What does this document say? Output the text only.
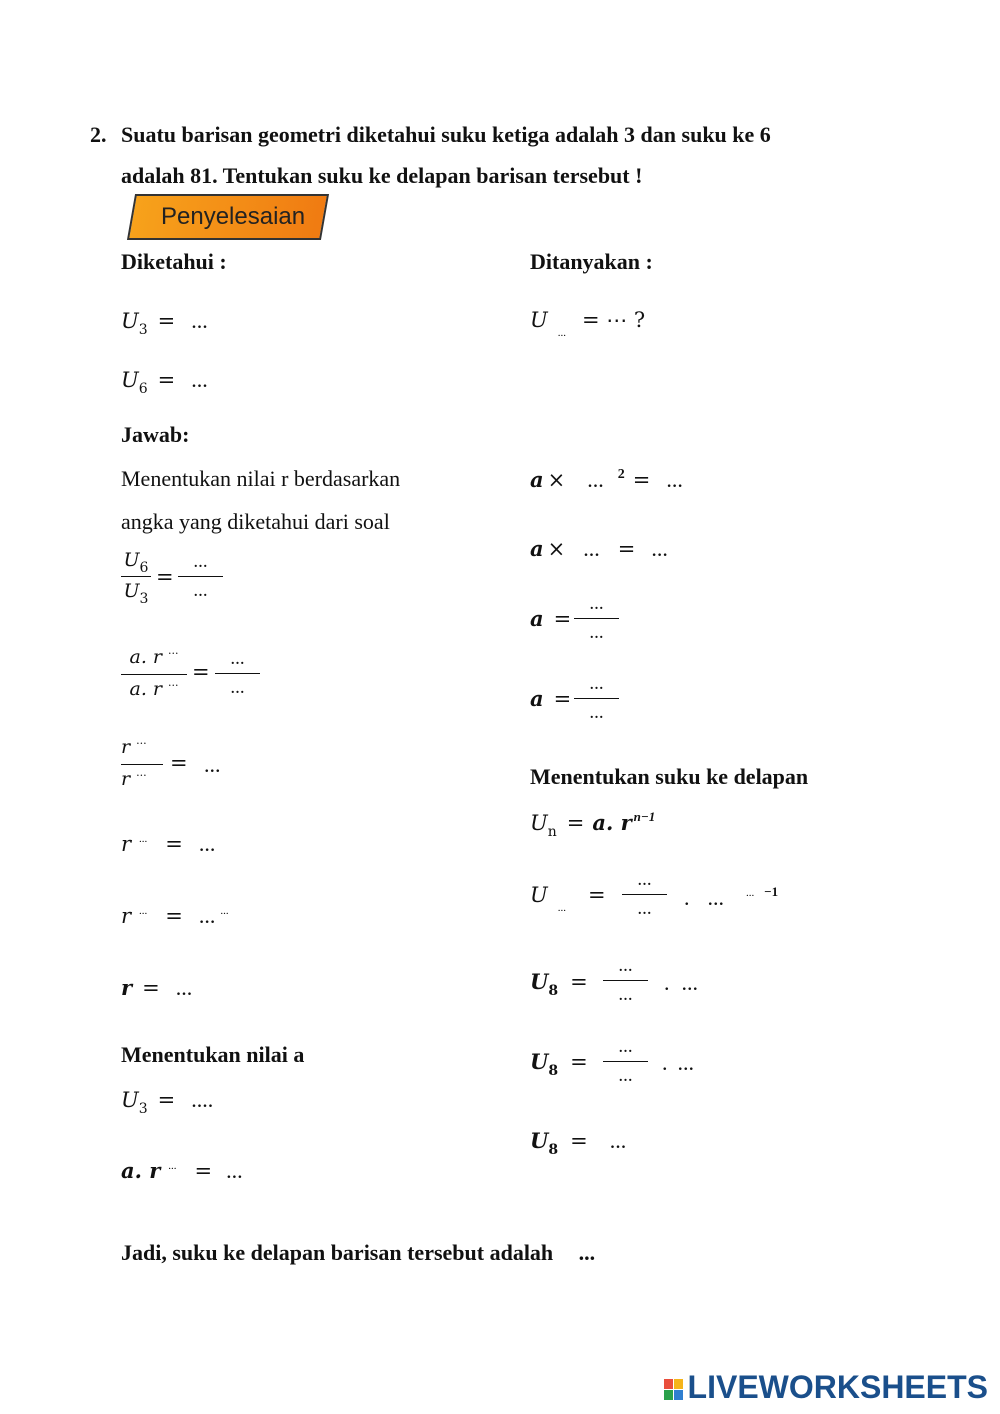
2. Suatu barisan geometri diketahui suku ketiga adalah 3 dan suku ke 6
adalah 81. Tentukan suku ke delapan barisan tersebut !
Penyelesaian
Diketahui :
U3 = ...
U6 = ...
Ditanyakan :
$U_{...}$ = ⋯ ?
Jawab:
Menentukan nilai r berdasarkan
angka yang diketahui dari soal
$U_6$
$U_3$
=
...
...
a. r ...
a. r ... =
...
...
r ...
r ...	= ...
r ... = ...
r ... = ... ...
r = ...
Menentukan nilai a
U3 = ....
a. r ... = ...
a × ... 2 = ...
a × ... = ...
a =
...
...
a =
...
...
Menentukan suku ke delapan
Un = a. r $^{n-1}$
$U_{...}$ =
...
...	. ... ... $^{-1}$
U8 =
...
...	. ...
U8 =
...
...
. ...
U8 = ...
Jadi, suku ke delapan barisan tersebut adalah ...
LIVEWORKSHEETS
